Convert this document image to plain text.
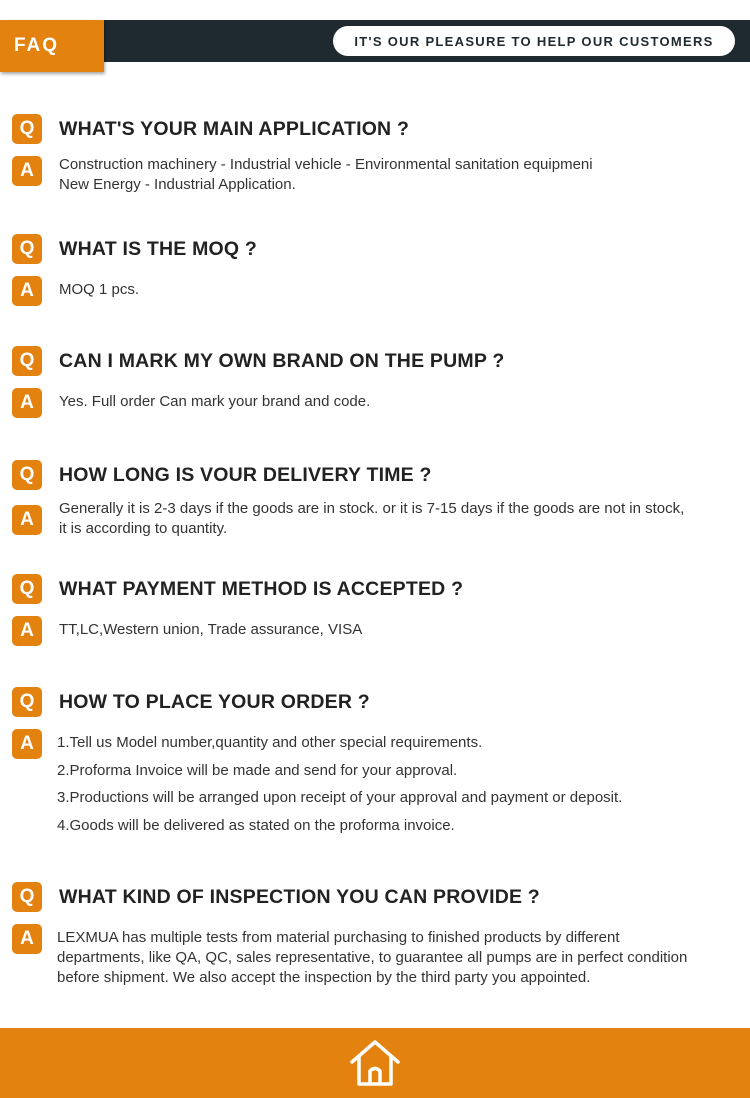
FAQ	IT'S OUR PLEASURE TO HELP OUR CUSTOMERS
Q	WHAT'S YOUR MAIN APPLICATION ?
A	Construction machinery - Industrial vehicle - Environmental sanitation equipmeni
New Energy - Industrial Application.
Q	WHAT IS THE MOQ ?
A	MOQ 1 pcs.
Q	CAN I MARK MY OWN BRAND ON THE PUMP ?
A	Yes. Full order Can mark your brand and code.
Q	HOW LONG IS VOUR DELIVERY TIME ?
A
Generally it is 2-3 days if the goods are in stock. or it is 7-15 days if the goods are not in stock,
it is according to quantity.
Q	WHAT PAYMENT METHOD IS ACCEPTED ?
A	TT,LC,Western union, Trade assurance, VISA
Q	HOW TO PLACE YOUR ORDER ?
A	1.Tell us Model number,quantity and other special requirements.
2.Proforma Invoice will be made and send for your approval.
3.Productions will be arranged upon receipt of your approval and payment or deposit.
4.Goods will be delivered as stated on the proforma invoice.
Q	WHAT KIND OF INSPECTION YOU CAN PROVIDE ?
A	LEXMUA has multiple tests from material purchasing to finished products by different
departments, like QA, QC, sales representative, to guarantee all pumps are in perfect condition
before shipment. We also accept the inspection by the third party you appointed.
